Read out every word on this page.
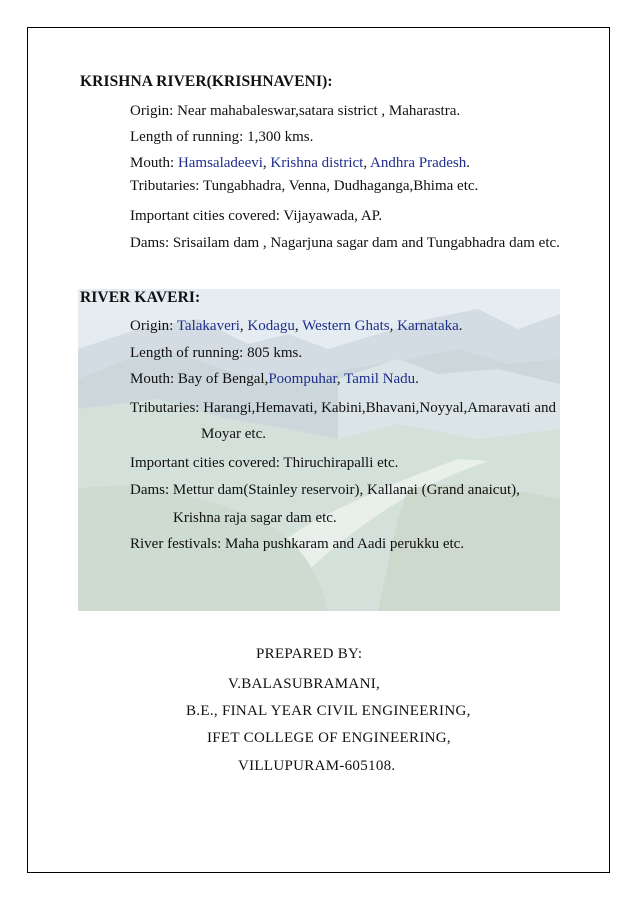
KRISHNA RIVER(KRISHNAVENI):
Origin: Near mahabaleswar,satara sistrict , Maharastra.
Length of running: 1,300 kms.
Mouth: Hamsaladeevi, Krishna district, Andhra Pradesh.
Tributaries: Tungabhadra, Venna, Dudhaganga,Bhima etc.
Important cities covered: Vijayawada, AP.
Dams: Srisailam dam , Nagarjuna sagar dam and Tungabhadra dam etc.
RIVER KAVERI:
Origin: Talakaveri, Kodagu, Western Ghats, Karnataka.
Length of running: 805 kms.
Mouth: Bay of Bengal,Poompuhar, Tamil Nadu.
Tributaries: Harangi,Hemavati, Kabini,Bhavani,Noyyal,Amaravati and
Moyar etc.
Important cities covered: Thiruchirapalli etc.
Dams: Mettur dam(Stainley reservoir), Kallanai (Grand anaicut),
Krishna raja sagar dam etc.
River festivals: Maha pushkaram and Aadi perukku etc.
PREPARED BY:
V.BALASUBRAMANI,
B.E., FINAL YEAR CIVIL ENGINEERING,
IFET COLLEGE OF ENGINEERING,
VILLUPURAM-605108.
